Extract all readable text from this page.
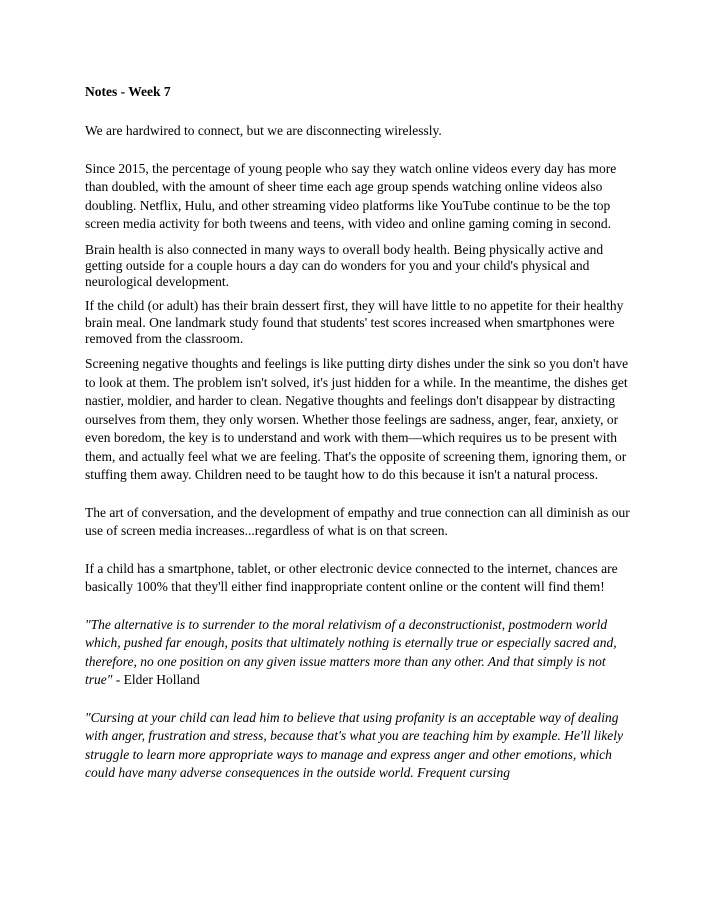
Notes - Week 7

We are hardwired to connect, but we are disconnecting wirelessly.

Since 2015, the percentage of young people who say they watch online videos every day has more than doubled, with the amount of sheer time each age group spends watching online videos also doubling. Netflix, Hulu, and other streaming video platforms like YouTube continue to be the top screen media activity for both tweens and teens, with video and online gaming coming in second.

Brain health is also connected in many ways to overall body health. Being physically active and getting outside for a couple hours a day can do wonders for you and your child's physical and neurological development.

If the child (or adult) has their brain dessert first, they will have little to no appetite for their healthy brain meal. One landmark study found that students' test scores increased when smartphones were removed from the classroom.

Screening negative thoughts and feelings is like putting dirty dishes under the sink so you don't have to look at them. The problem isn't solved, it's just hidden for a while. In the meantime, the dishes get nastier, moldier, and harder to clean. Negative thoughts and feelings don't disappear by distracting ourselves from them, they only worsen. Whether those feelings are sadness, anger, fear, anxiety, or even boredom, the key is to understand and work with them—which requires us to be present with them, and actually feel what we are feeling. That's the opposite of screening them, ignoring them, or stuffing them away. Children need to be taught how to do this because it isn't a natural process.

The art of conversation, and the development of empathy and true connection can all diminish as our use of screen media increases...regardless of what is on that screen.

If a child has a smartphone, tablet, or other electronic device connected to the internet, chances are basically 100% that they'll either find inappropriate content online or the content will find them!

"The alternative is to surrender to the moral relativism of a deconstructionist, postmodern world which, pushed far enough, posits that ultimately nothing is eternally true or especially sacred and, therefore, no one position on any given issue matters more than any other. And that simply is not true" - Elder Holland

"Cursing at your child can lead him to believe that using profanity is an acceptable way of dealing with anger, frustration and stress, because that's what you are teaching him by example. He'll likely struggle to learn more appropriate ways to manage and express anger and other emotions, which could have many adverse consequences in the outside world. Frequent cursing
